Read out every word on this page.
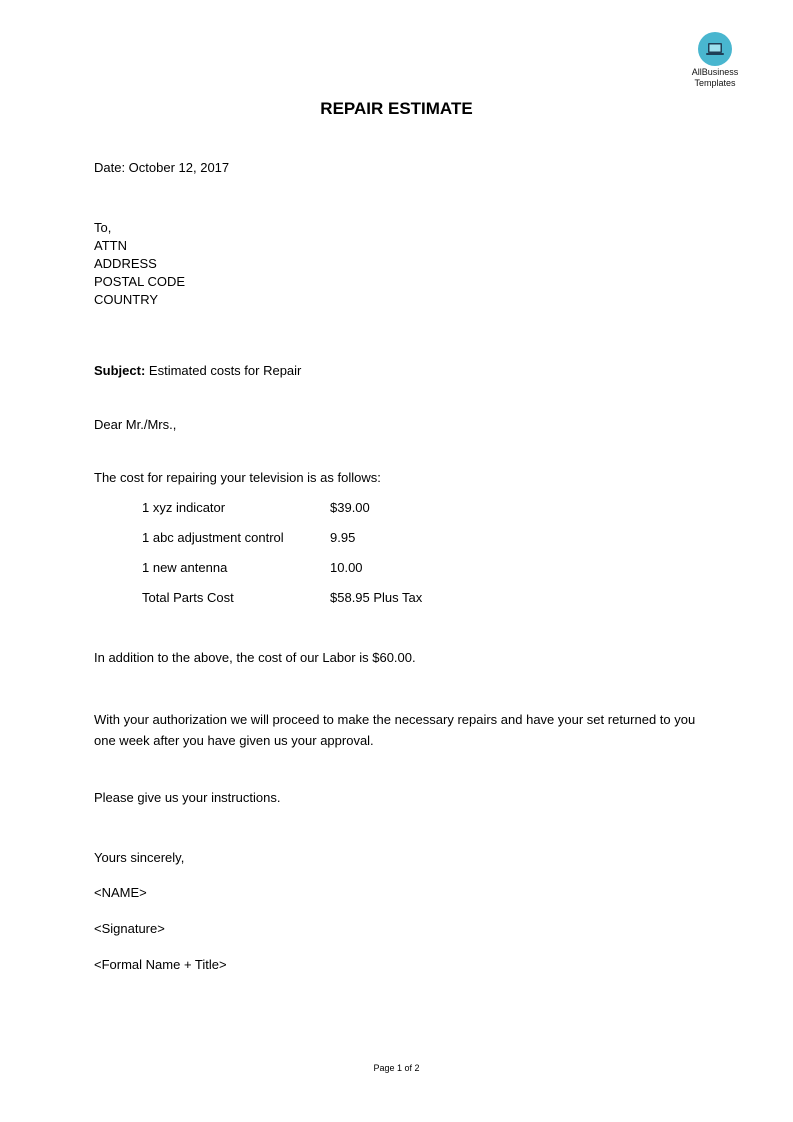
AllBusiness
Templates
REPAIR ESTIMATE
Date: October 12, 2017
To,
ATTN
ADDRESS
POSTAL CODE
COUNTRY
Subject: Estimated costs for Repair
Dear Mr./Mrs.,
The cost for repairing your television is as follows:
1 xyz indicator	$39.00
1 abc adjustment control	9.95
1 new antenna	10.00
Total Parts Cost	$58.95 Plus Tax
In addition to the above, the cost of our Labor is $60.00.
With your authorization we will proceed to make the necessary repairs and have your set returned to you one week after you have given us your approval.
Please give us your instructions.
Yours sincerely,
<NAME>
<Signature>
<Formal Name + Title>
Page 1 of 2
